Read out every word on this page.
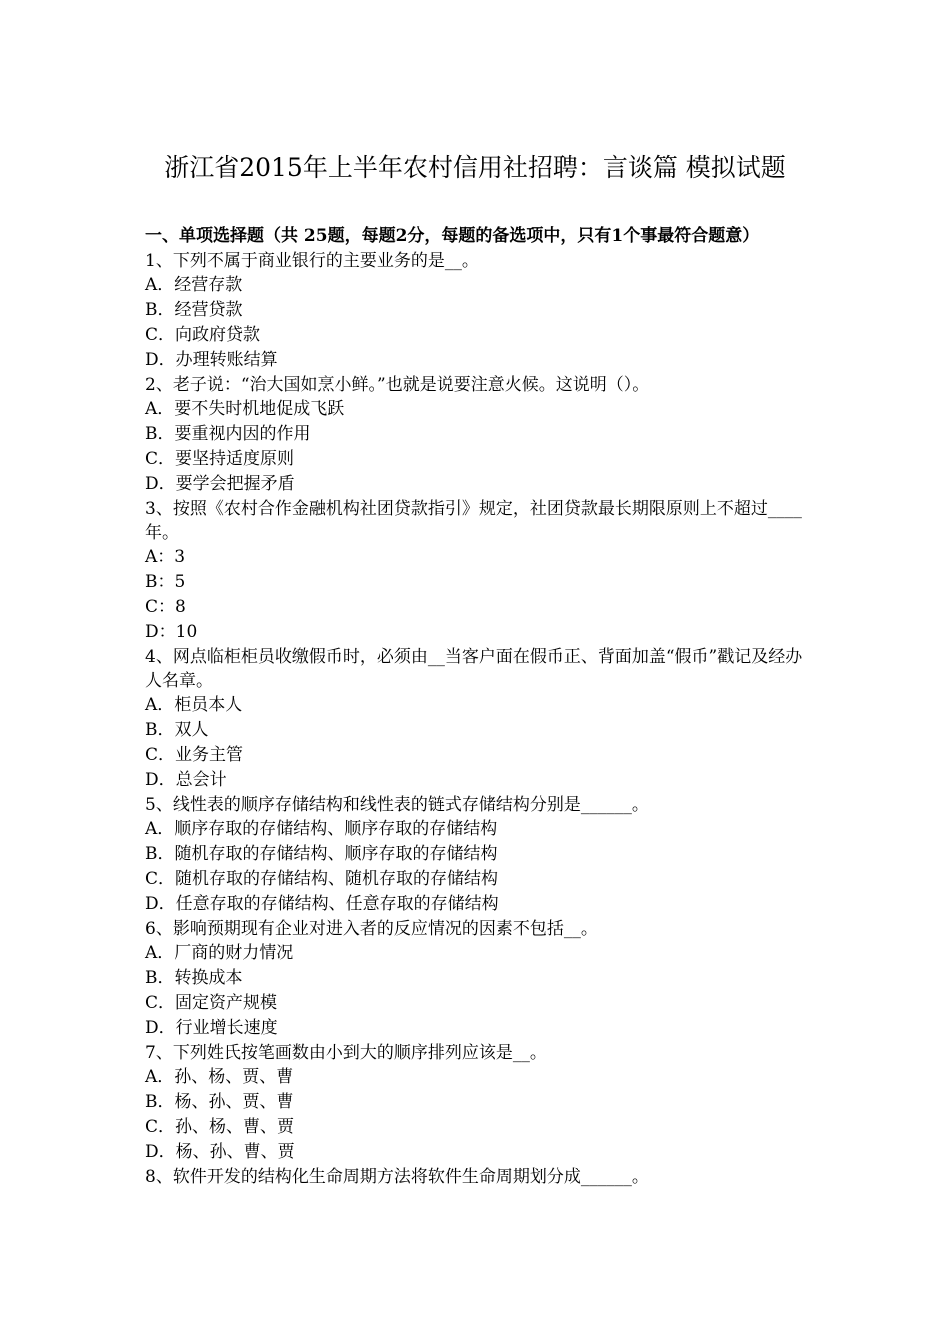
浙江省2015年上半年农村信用社招聘：言谈篇 模拟试题
一、单项选择题（共 25题，每题2分，每题的备选项中，只有1个事最符合题意）
1、下列不属于商业银行的主要业务的是__。
A．经营存款
B．经营贷款
C．向政府贷款
D．办理转账结算
2、老子说：“治大国如烹小鲜。”也就是说要注意火候。这说明（）。
A．要不失时机地促成飞跃
B．要重视内因的作用
C．要坚持适度原则
D．要学会把握矛盾
3、按照《农村合作金融机构社团贷款指引》规定，社团贷款最长期限原则上不超过____年。
A：3
B：5
C：8
D：10
4、网点临柜柜员收缴假币时，必须由__当客户面在假币正、背面加盖“假币”戳记及经办人名章。
A．柜员本人
B．双人
C．业务主管
D．总会计
5、线性表的顺序存储结构和线性表的链式存储结构分别是______。
A．顺序存取的存储结构、顺序存取的存储结构
B．随机存取的存储结构、顺序存取的存储结构
C．随机存取的存储结构、随机存取的存储结构
D．任意存取的存储结构、任意存取的存储结构
6、影响预期现有企业对进入者的反应情况的因素不包括__。
A．厂商的财力情况
B．转换成本
C．固定资产规模
D．行业增长速度
7、下列姓氏按笔画数由小到大的顺序排列应该是__。
A．孙、杨、贾、曹
B．杨、孙、贾、曹
C．孙、杨、曹、贾
D．杨、孙、曹、贾
8、软件开发的结构化生命周期方法将软件生命周期划分成______。
